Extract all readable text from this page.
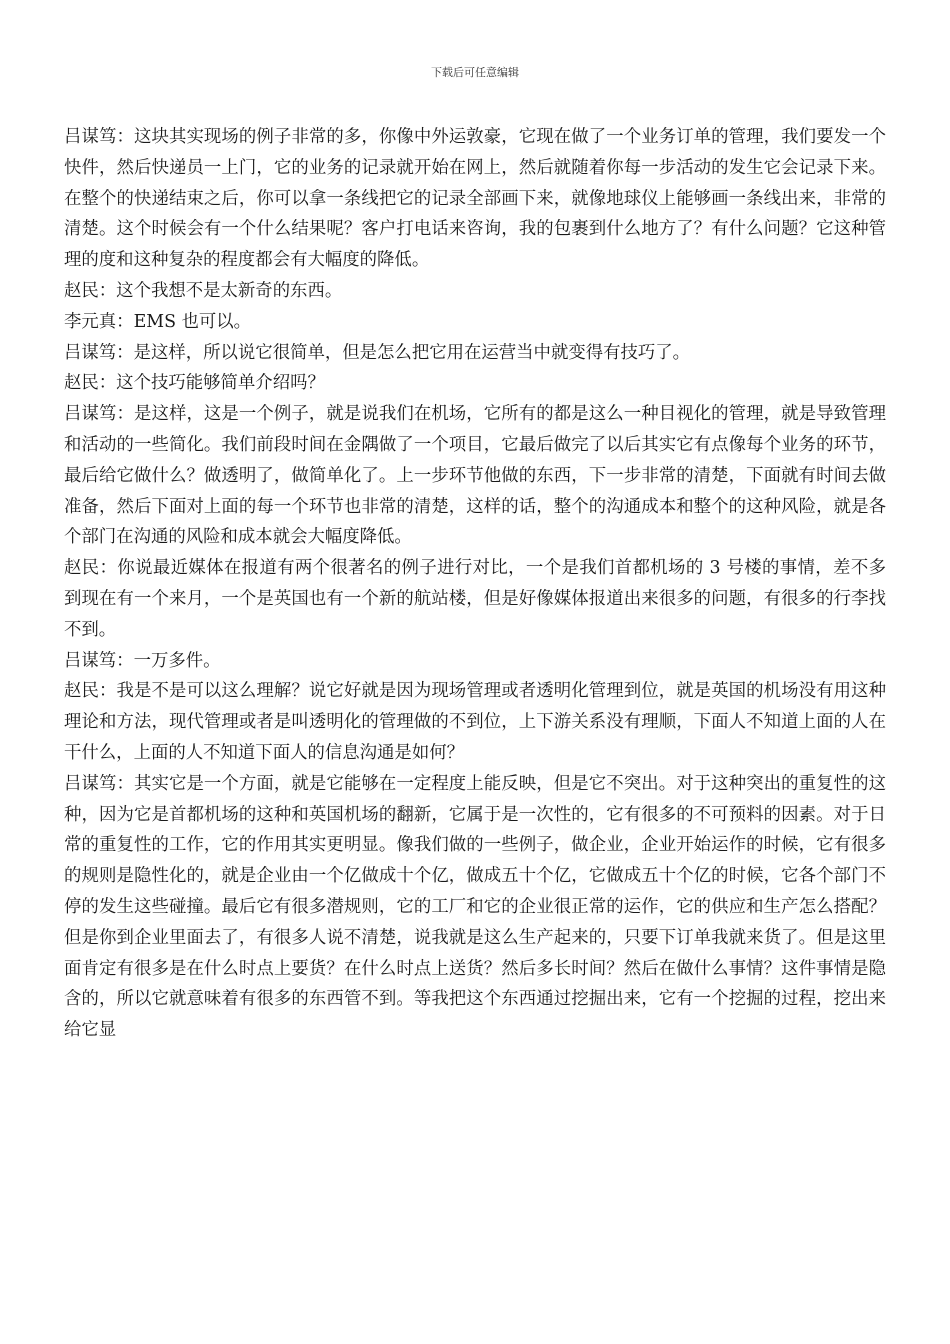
下载后可任意编辑

吕谋笃：这块其实现场的例子非常的多，你像中外运敦豪，它现在做了一个业务订单的管理，我们要发一个快件，然后快递员一上门，它的业务的记录就开始在网上，然后就随着你每一步活动的发生它会记录下来。在整个的快递结束之后，你可以拿一条线把它的记录全部画下来，就像地球仪上能够画一条线出来，非常的清楚。这个时候会有一个什么结果呢？客户打电话来咨询，我的包裹到什么地方了？有什么问题？它这种管理的度和这种复杂的程度都会有大幅度的降低。

赵民：这个我想不是太新奇的东西。

李元真：EMS 也可以。

吕谋笃：是这样，所以说它很简单，但是怎么把它用在运营当中就变得有技巧了。

赵民：这个技巧能够简单介绍吗？

吕谋笃：是这样，这是一个例子，就是说我们在机场，它所有的都是这么一种目视化的管理，就是导致管理和活动的一些简化。我们前段时间在金隅做了一个项目，它最后做完了以后其实它有点像每个业务的环节，最后给它做什么？做透明了，做简单化了。上一步环节他做的东西，下一步非常的清楚，下面就有时间去做准备，然后下面对上面的每一个环节也非常的清楚，这样的话，整个的沟通成本和整个的这种风险，就是各个部门在沟通的风险和成本就会大幅度降低。

赵民：你说最近媒体在报道有两个很著名的例子进行对比，一个是我们首都机场的 3 号楼的事情，差不多到现在有一个来月，一个是英国也有一个新的航站楼，但是好像媒体报道出来很多的问题，有很多的行李找不到。

吕谋笃：一万多件。

赵民：我是不是可以这么理解？说它好就是因为现场管理或者透明化管理到位，就是英国的机场没有用这种理论和方法，现代管理或者是叫透明化的管理做的不到位，上下游关系没有理顺，下面人不知道上面的人在干什么，上面的人不知道下面人的信息沟通是如何？

吕谋笃：其实它是一个方面，就是它能够在一定程度上能反映，但是它不突出。对于这种突出的重复性的这种，因为它是首都机场的这种和英国机场的翻新，它属于是一次性的，它有很多的不可预料的因素。对于日常的重复性的工作，它的作用其实更明显。像我们做的一些例子，做企业，企业开始运作的时候，它有很多的规则是隐性化的，就是企业由一个亿做成十个亿，做成五十个亿，它做成五十个亿的时候，它各个部门不停的发生这些碰撞。最后它有很多潜规则，它的工厂和它的企业很正常的运作，它的供应和生产怎么搭配？但是你到企业里面去了，有很多人说不清楚，说我就是这么生产起来的，只要下订单我就来货了。但是这里面肯定有很多是在什么时点上要货？在什么时点上送货？然后多长时间？然后在做什么事情？这件事情是隐含的，所以它就意味着有很多的东西管不到。等我把这个东西通过挖掘出来，它有一个挖掘的过程，挖出来给它显
